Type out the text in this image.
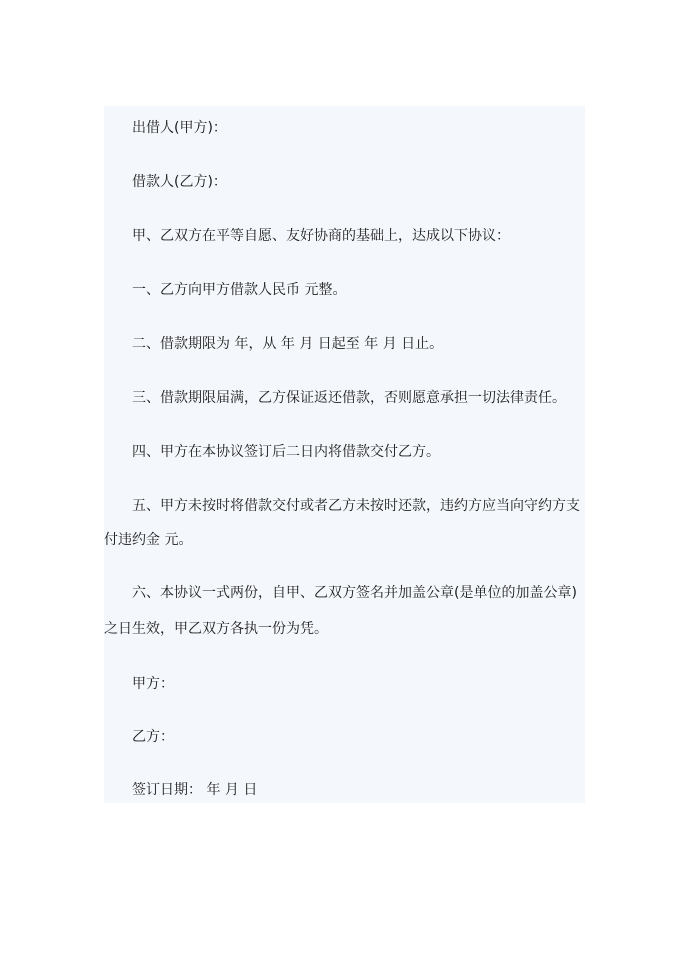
出借人(甲方)：
借款人(乙方)：
甲、乙双方在平等自愿、友好协商的基础上，达成以下协议：
一、乙方向甲方借款人民币 元整。
二、借款期限为 年，从 年 月 日起至 年 月 日止。
三、借款期限届满，乙方保证返还借款，否则愿意承担一切法律责任。
四、甲方在本协议签订后二日内将借款交付乙方。
五、甲方未按时将借款交付或者乙方未按时还款，违约方应当向守约方支
付违约金 元。
六、本协议一式两份，自甲、乙双方签名并加盖公章(是单位的加盖公章)
之日生效，甲乙双方各执一份为凭。
甲方：
乙方：
签订日期： 年 月 日
